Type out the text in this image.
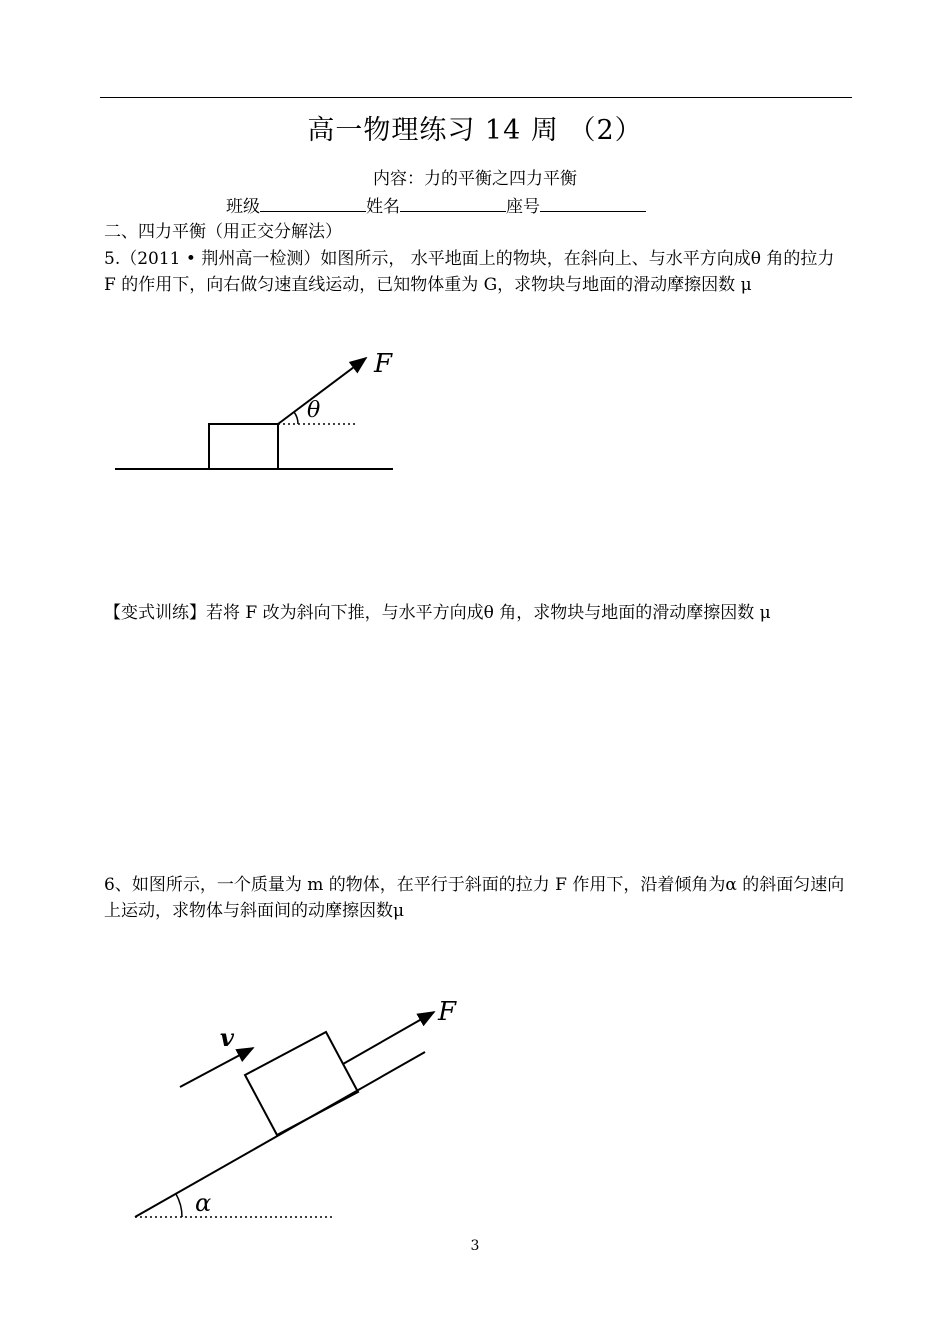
高一物理练习 14 周 （2）
内容：力的平衡之四力平衡
班级	姓名	座号
二、四力平衡（用正交分解法）
5.（2011 • 荆州高一检测）如图所示， 水平地面上的物块，在斜向上、与水平方向成θ 角的拉力 F 的作用下，向右做匀速直线运动，已知物体重为 G，求物块与地面的滑动摩擦因数 μ
θ
F
【变式训练】若将 F 改为斜向下推，与水平方向成θ 角，求物块与地面的滑动摩擦因数 μ
6、如图所示，一个质量为 m 的物体，在平行于斜面的拉力 F 作用下，沿着倾角为α 的斜面匀速向上运动，求物体与斜面间的动摩擦因数μ
α
F
v
3
